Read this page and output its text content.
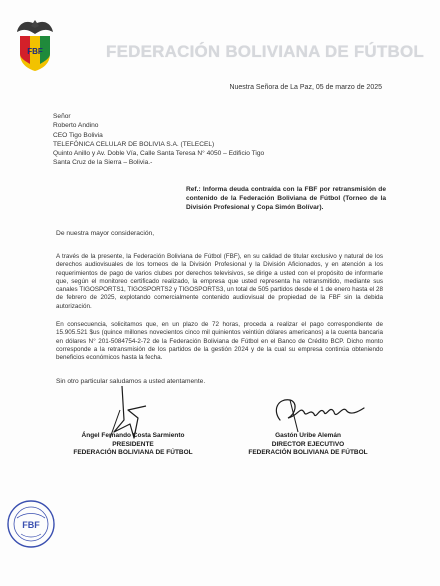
FBF	FEDERACIÓN BOLIVIANA DE FÚTBOL
Nuestra Señora de La Paz, 05 de marzo de 2025
Señor
Roberto Andino
CEO Tigo Bolivia
TELEFÓNICA CELULAR DE BOLIVIA S.A. (TELECEL)
Quinto Anillo y Av. Doble Vía, Calle Santa Teresa N° 4050 – Edificio Tigo
Santa Cruz de la Sierra – Bolivia.-
Ref.: Informa deuda contraída con la FBF por retransmisión de contenido de la Federación Boliviana de Fútbol (Torneo de la División Profesional y Copa Simón Bolívar).
De nuestra mayor consideración,
A través de la presente, la Federación Boliviana de Fútbol (FBF), en su calidad de titular exclusivo y natural de los derechos audiovisuales de los torneos de la División Profesional y la División Aficionados, y en atención a los requerimientos de pago de varios clubes por derechos televisivos, se dirige a usted con el propósito de informarle que, según el monitoreo certificado realizado, la empresa que usted representa ha retransmitido, mediante sus canales TIGOSPORTS1, TIGOSPORTS2 y TIGOSPORTS3, un total de 505 partidos desde el 1 de enero hasta el 28 de febrero de 2025, explotando comercialmente contenido audiovisual de propiedad de la FBF sin la debida autorización.
En consecuencia, solicitamos que, en un plazo de 72 horas, proceda a realizar el pago correspondiente de 15.905.521 $us (quince millones novecientos cinco mil quinientos veintiún dólares americanos) a la cuenta bancaria en dólares N° 201-5084754-2-72 de la Federación Boliviana de Fútbol en el Banco de Crédito BCP. Dicho monto corresponde a la retransmisión de los partidos de la gestión 2024 y de la cual su empresa continúa obteniendo beneficios económicos hasta la fecha.
Sin otro particular saludamos a usted atentamente.
Ángel Fernando Costa Sarmiento
PRESIDENTE
FEDERACIÓN BOLIVIANA DE FÚTBOL
Gastón Uribe Alemán
DIRECTOR EJECUTIVO
FEDERACIÓN BOLIVIANA DE FÚTBOL
FBF
